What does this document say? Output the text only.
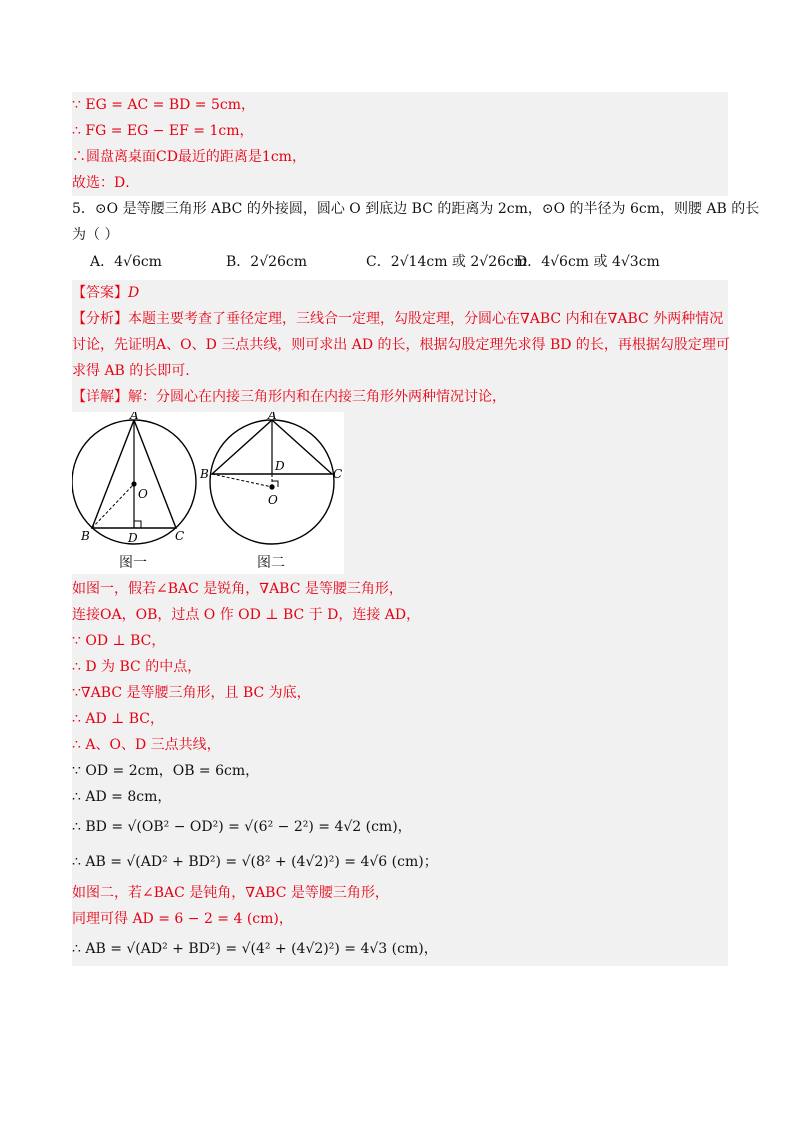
∵ EG = AC = BD = 5cm，
∴ FG = EG − EF = 1cm，
∴圆盘离桌面CD最近的距离是1cm，
故选：D．
5．⊙O 是等腰三角形 ABC 的外接圆，圆心 O 到底边 BC 的距离为 2cm，⊙O 的半径为 6cm，则腰 AB 的长
为（ ）
A．4√6cm	B．2√26cm	C．2√14cm 或 2√26cm
D．4√6cm 或 4√3cm
【答案】D
【分析】本题主要考查了垂径定理，三线合一定理，勾股定理，分圆心在∇ABC 内和在∇ABC 外两种情况
讨论，先证明A、O、D 三点共线，则可求出 AD 的长，根据勾股定理先求得 BD 的长，再根据勾股定理可
求得 AB 的长即可.
【详解】解：分圆心在内接三角形内和在内接三角形外两种情况讨论，
A
O
B	D	C
A
B
D
C
O
图一	图二
如图一，假若∠BAC 是锐角，∇ABC 是等腰三角形，
连接OA，OB，过点 O 作 OD ⊥ BC 于 D，连接 AD，
∵ OD ⊥ BC，
∴ D 为 BC 的中点，
∵∇ABC 是等腰三角形，且 BC 为底，
∴ AD ⊥ BC，
∴ A、O、D 三点共线，
∵ OD = 2cm，OB = 6cm，
∴ AD = 8cm，
∴ BD = √(OB² − OD²) = √(6² − 2²) = 4√2 (cm)，
∴ AB = √(AD² + BD²) = √(8² + (4√2)²) = 4√6 (cm)；
如图二，若∠BAC 是钝角，∇ABC 是等腰三角形，
同理可得 AD = 6 − 2 = 4 (cm)，
∴ AB = √(AD² + BD²) = √(4² + (4√2)²) = 4√3 (cm)，
